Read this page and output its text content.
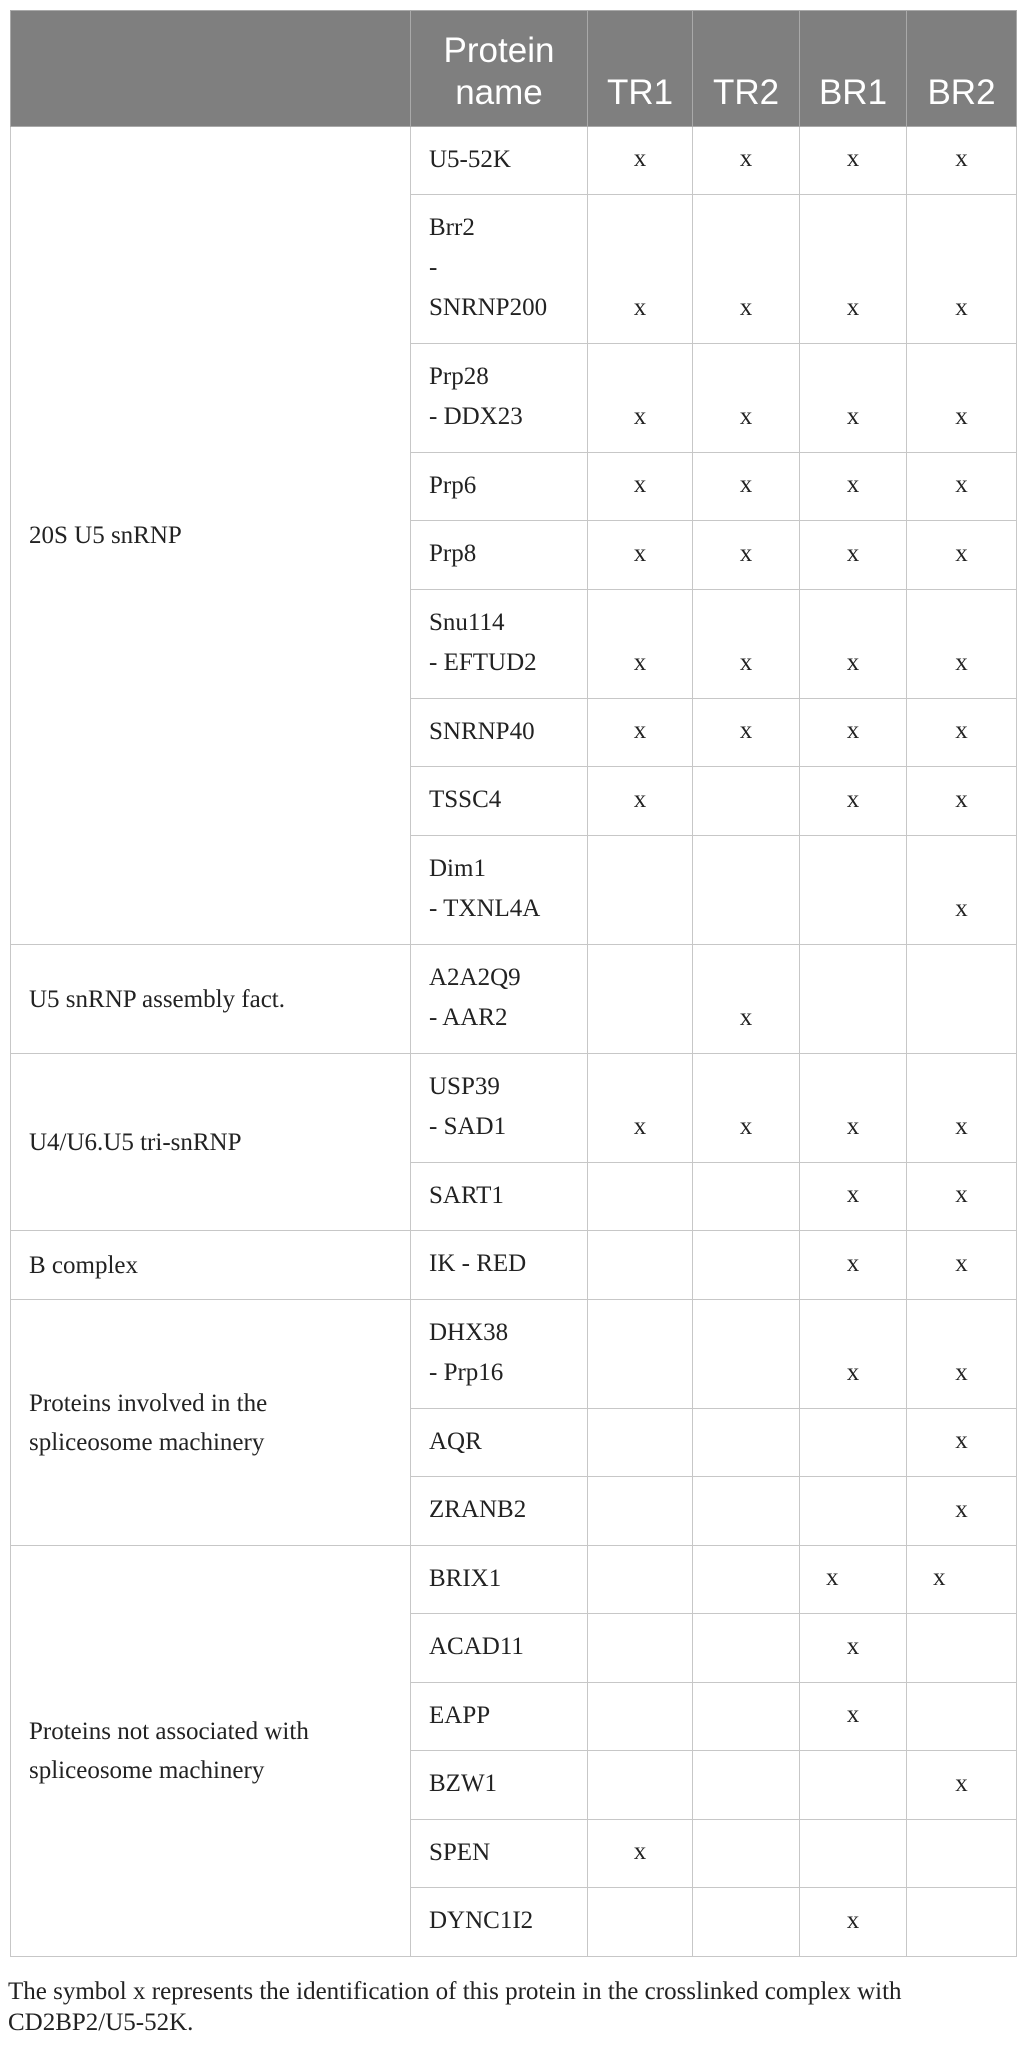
	Protein name	TR1	TR2	BR1	BR2
20S U5 snRNP	U5-52K	x	x	x	x

	Brr2
-
SNRNP200	x	x	x	x

	Prp28
- DDX23	x	x	x	x

	Prp6	x	x	x	x

	Prp8	x	x	x	x

	Snu114
- EFTUD2	x	x	x	x

	SNRNP40	x	x	x	x

	TSSC4	x		x	x

	Dim1
- TXNL4A				x
U5 snRNP assembly fact.	A2A2Q9
- AAR2		x		
U4/U6.U5 tri-snRNP	USP39
- SAD1	x	x	x	x

	SART1			x	x
B complex	IK - RED			x	x
Proteins involved in the
spliceosome machinery	DHX38
- Prp16			x	x

	AQR				x

	ZRANB2				x
Proteins not associated with
spliceosome machinery	BRIX1			x	x

	ACAD11			x	

	EAPP			x	

	BZW1				x

	SPEN	x			

	DYNC1I2			x	

The symbol x represents the identification of this protein in the crosslinked complex with CD2BP2/U5-52K.
